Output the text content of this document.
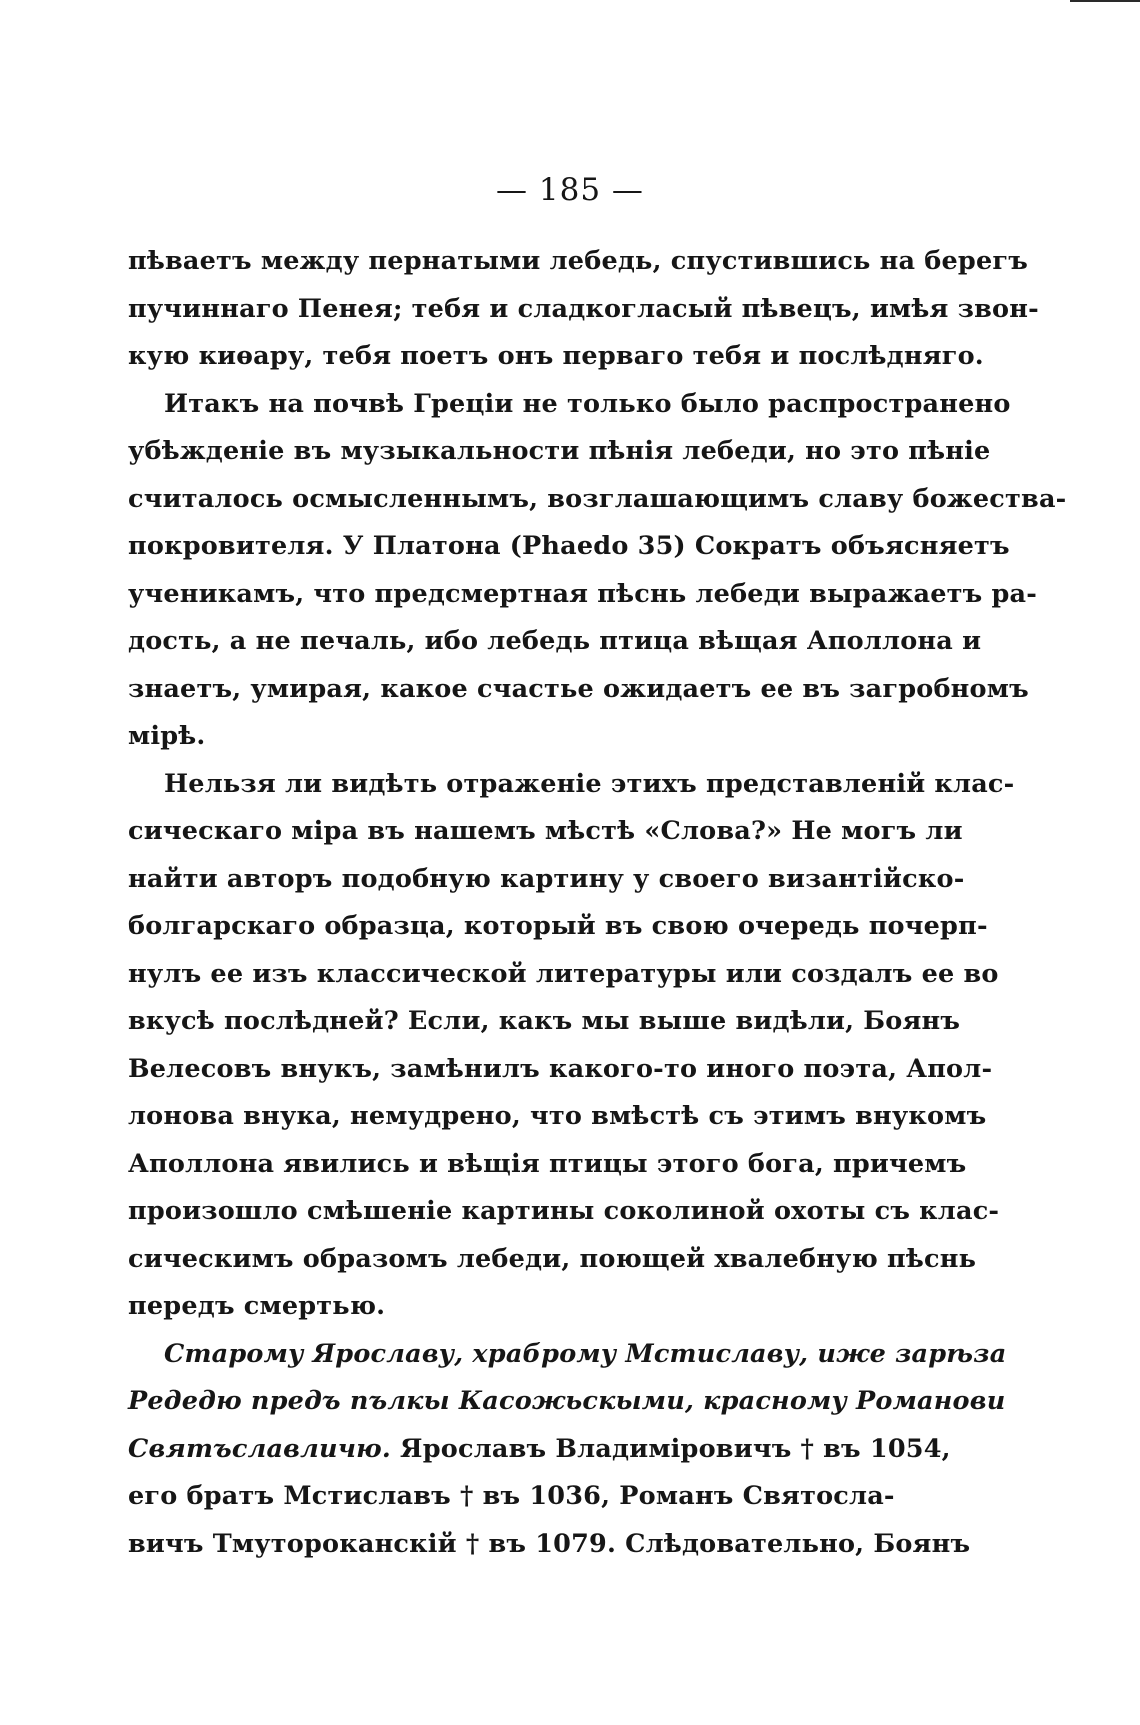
— 185 —
пѣваетъ между пернатыми лебедь, спустившись на берегъ
пучиннаго Пенея; тебя и сладкогласый пѣвецъ, имѣя звон-
кую киѳару, тебя поетъ онъ перваго тебя и послѣдняго.
Итакъ на почвѣ Греціи не только было распространено
убѣжденіе въ музыкальности пѣнія лебеди, но это пѣніе
считалось осмысленнымъ, возглашающимъ славу божества-
покровителя. У Платона (Phaedo 35) Сократъ объясняетъ
ученикамъ, что предсмертная пѣснь лебеди выражаетъ ра-
дость, а не печаль, ибо лебедь птица вѣщая Аполлона и
знаетъ, умирая, какое счастье ожидаетъ ее въ загробномъ
мірѣ.
Нельзя ли видѣть отраженіе этихъ представленій клас-
сическаго міра въ нашемъ мѣстѣ «Слова?» Не могъ ли
найти авторъ подобную картину у своего византійско-
болгарскаго образца, который въ свою очередь почерп-
нулъ ее изъ классической литературы или создалъ ее во
вкусѣ послѣдней? Если, какъ мы выше видѣли, Боянъ
Велесовъ внукъ, замѣнилъ какого-то иного поэта, Апол-
лонова внука, немудрено, что вмѣстѣ съ этимъ внукомъ
Аполлона явились и вѣщія птицы этого бога, причемъ
произошло смѣшеніе картины соколиной охоты съ клас-
сическимъ образомъ лебеди, поющей хвалебную пѣснь
передъ смертью.
Старому Ярославу, храброму Мстиславу, иже зарѣза
Редедю предъ пълкы Касожьскыми, красному Романови
Святъславличю. Ярославъ Владиміровичъ † въ 1054,
его братъ Мстиславъ † въ 1036, Романъ Святосла-
вичъ Тмутороканскій † въ 1079. Слѣдовательно, Боянъ
